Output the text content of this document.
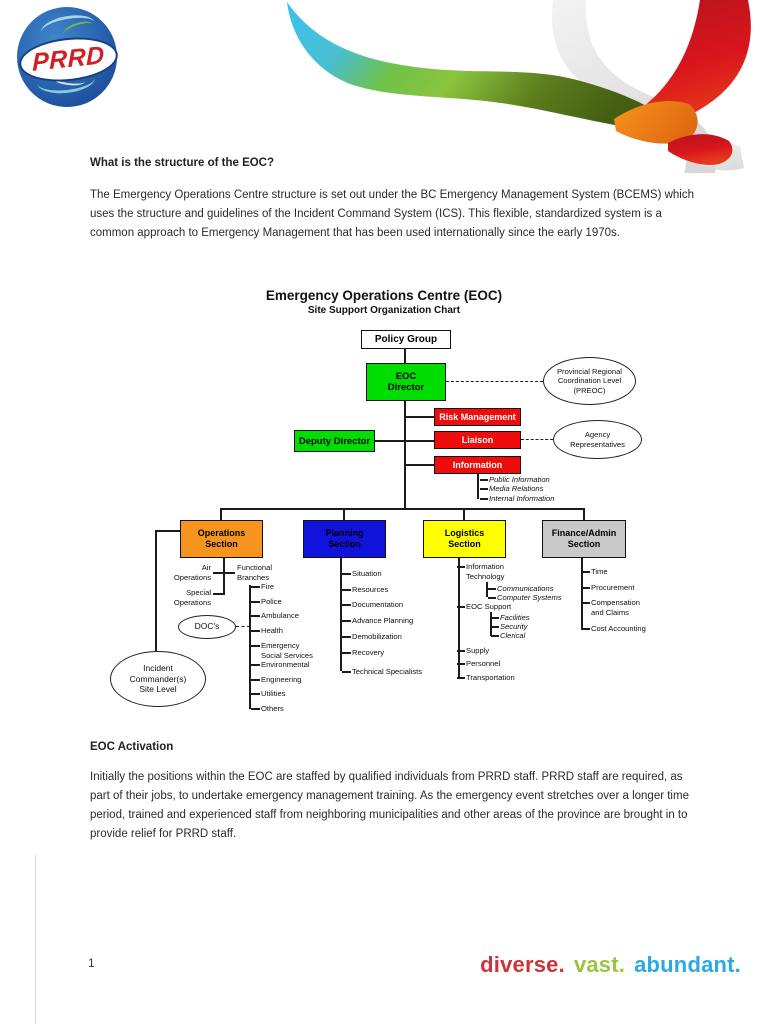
PRRD
What is the structure of the EOC?
The Emergency Operations Centre structure is set out under the BC Emergency Management System (BCEMS) which uses the structure and guidelines of the Incident Command System (ICS). This flexible, standardized system is a common approach to Emergency Management that has been used internationally since the early 1970s.
Emergency Operations Centre (EOC)
Site Support Organization Chart
Policy Group
EOC Director
Provincial Regional
Coordination Level
(PREOC)
Risk Management
Deputy Director	Liaison
Agency
Representatives
Information
Public Information
Media Relations
Internal Information
Operations Section
Planning Section
Logistics Section
Finance/Admin Section
Air Operations
Functional Branches
Special Operations
Fire
Police
Ambulance
Health
Emergency Social Services
Environmental
Engineering
Utilities
Others
DOC's
Incident
Commander(s)
Site Level
Situation
Resources
Documentation
Advance Planning
Demobilization
Recovery
Technical Specialists
Information Technology
Communications
Computer Systems
EOC Support
Facilities
Security
Clerical
Supply
Personnel
Transportation
Time
Procurement
Compensation and Claims
Cost Accounting
EOC Activation
Initially the positions within the EOC are staffed by qualified individuals from PRRD staff. PRRD staff are required, as part of their jobs, to undertake emergency management training. As the emergency event stretches over a longer time period, trained and experienced staff from neighboring municipalities and other areas of the province are brought in to provide relief for PRRD staff.
1	diverse. vast. abundant.
